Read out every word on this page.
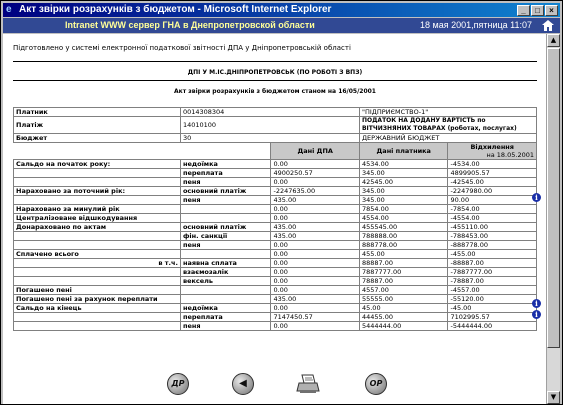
e Акт звірки розрахунків з бюджетом - Microsoft Internet Explorer	_	□	×
Intranet WWW сервер ГНА в Днепропетровской области	18 мая 2001,пятница 11:07
Підготовлено у системі електронної податкової звітності ДПА у Дніпропетровській області
ДПІ У М.ІС.ДНІПРОПЕТРОВСЬК (ПО РОБОТІ З ВПЗ)
Акт звірки розрахунків з бюджетом станом на 16/05/2001
Платник	0014308304		"ПІДПРИЄМСТВО-1"	
Платіж	14010100		ПОДАТОК НА ДОДАНУ ВАРТІСТЬ по ВІТЧИЗНЯНИХ ТОВАРАХ (роботах, послугах)	
Бюджет	30		ДЕРЖАВНИЙ БЮДЖЕТ	
		Дані ДПА	Дані платника	Відхилення

на 18.05.2001

Сальдо на початок року:	недоїмка	0.00	4534.00	-4534.00
	переплата	4900250.57	345.00	4899905.57
	пеня	0.00	42545.00	-42545.00
Нараховано за поточний рік:	основний платіж	-2247635.00	345.00	-2247980.00
	пеня	435.00	345.00	90.00
Нараховано за минулий рік		0.00	7854.00	-7854.00
Централізоване відшкодування		0.00	4554.00	-4554.00
Донараховано по актам	основний платіж	435.00	455545.00	-455110.00
	фін. санкції	435.00	788888.00	-788453.00
	пеня	0.00	888778.00	-888778.00
Сплачено всього		0.00	455.00	-455.00
в т.ч.	наявна сплата	0.00	88887.00	-88887.00
	взаємозалік	0.00	7887777.00	-7887777.00
	вексель	0.00	78887.00	-78887.00
Погашено пені		0.00	4557.00	-4557.00
Погашено пені за рахунок переплати		435.00	55555.00	-55120.00
Сальдо на кінець	недоїмка	0.00	45.00	-45.00
	переплата	7147450.57	44455.00	7102995.57
	пеня	0.00	5444444.00	-5444444.00
i
i
i
ДР	◀	ОР
▲
▼
